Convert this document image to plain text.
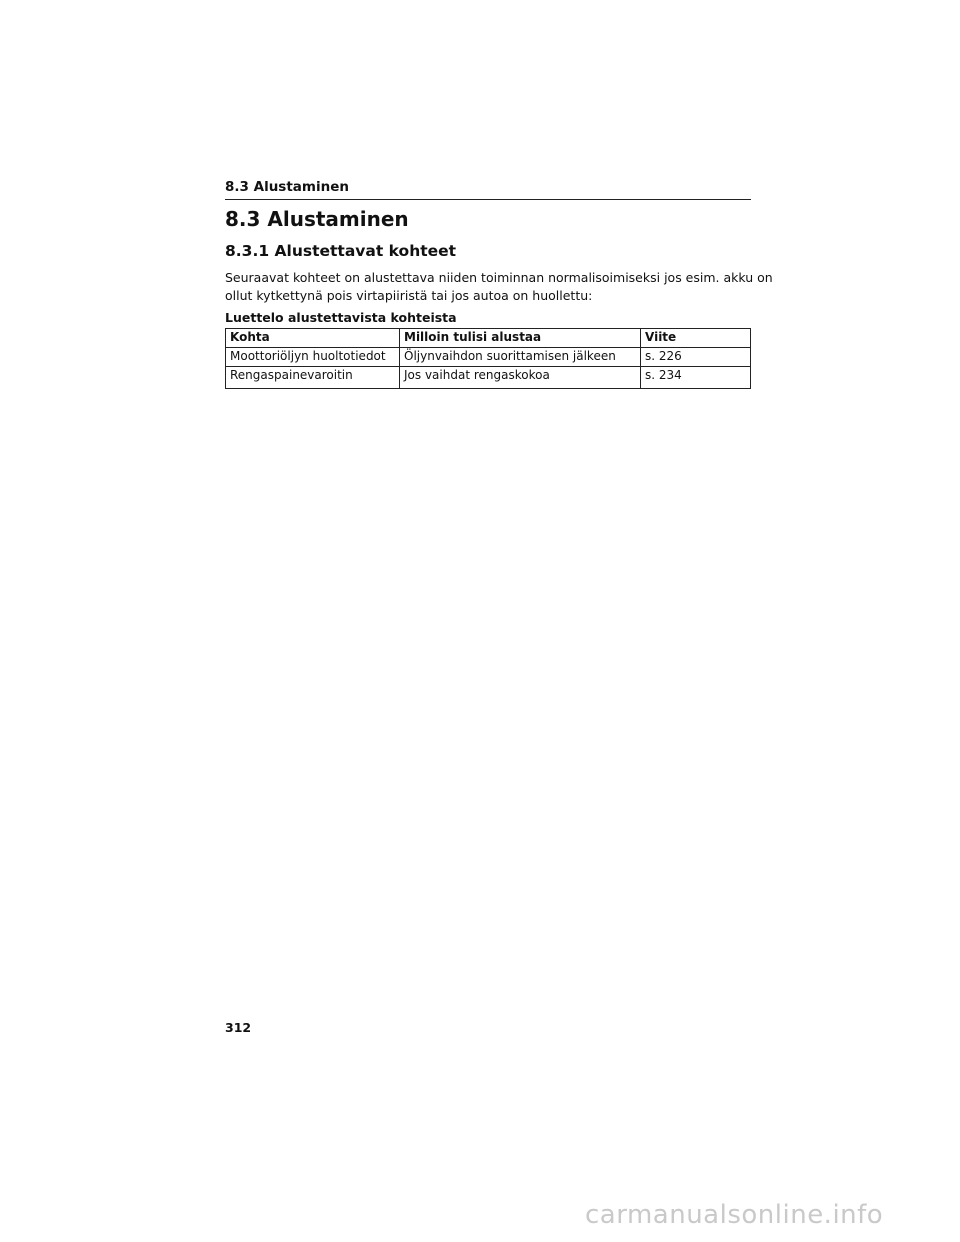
8.3 Alustaminen
8.3 Alustaminen
8.3.1 Alustettavat kohteet

Seuraavat kohteet on alustettava niiden toiminnan normalisoimiseksi jos esim. akku on
ollut kytkettynä pois virtapiiristä tai jos autoa on huollettu:

Luettelo alustettavista kohteista
Kohta	Milloin tulisi alustaa	Viite
Moottoriöljyn huoltotiedot	Öljynvaihdon suorittamisen jälkeen	s. 226
Rengaspainevaroitin	Jos vaihdat rengaskokoa	s. 234
312
carmanualsonline.info
